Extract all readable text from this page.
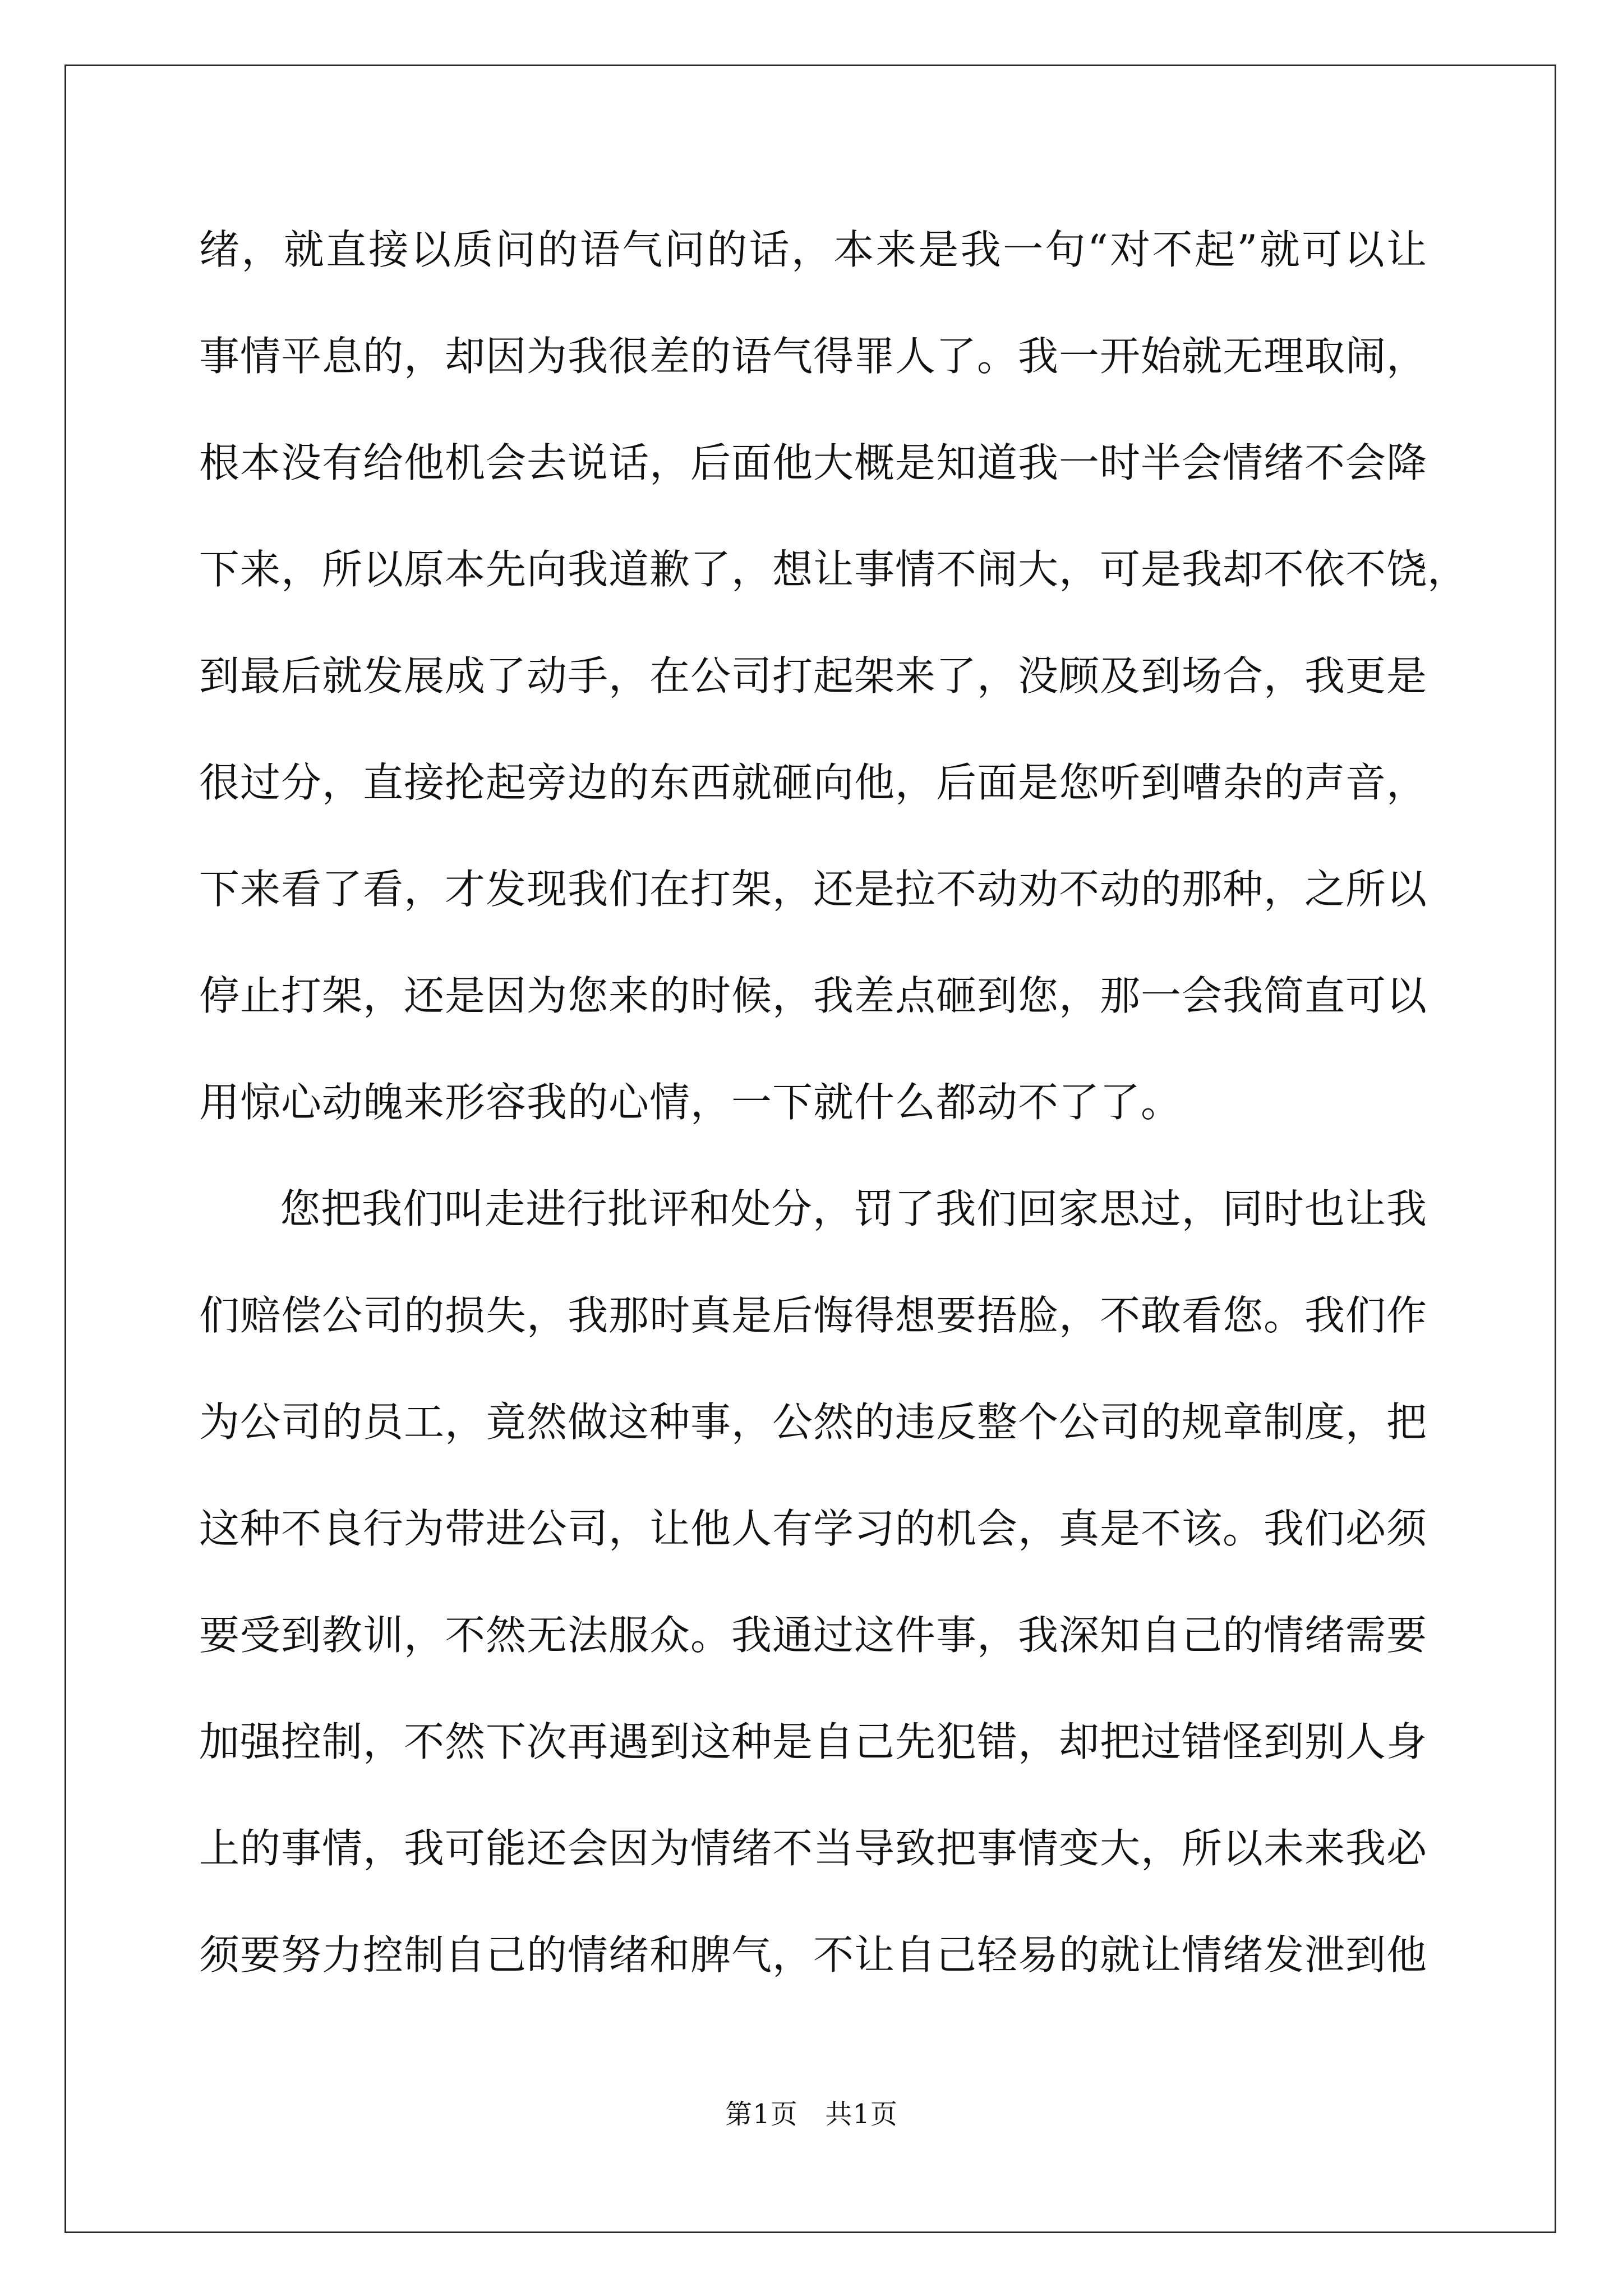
绪，就直接以质问的语气问的话，本来是我一句“对不起”就可以让
事情平息的，却因为我很差的语气得罪人了。我一开始就无理取闹，
根本没有给他机会去说话，后面他大概是知道我一时半会情绪不会降
下来，所以原本先向我道歉了，想让事情不闹大，可是我却不依不饶，
到最后就发展成了动手，在公司打起架来了，没顾及到场合，我更是
很过分，直接抡起旁边的东西就砸向他，后面是您听到嘈杂的声音，
下来看了看，才发现我们在打架，还是拉不动劝不动的那种，之所以
停止打架，还是因为您来的时候，我差点砸到您，那一会我简直可以
用惊心动魄来形容我的心情，一下就什么都动不了了。
您把我们叫走进行批评和处分，罚了我们回家思过，同时也让我
们赔偿公司的损失，我那时真是后悔得想要捂脸，不敢看您。我们作
为公司的员工，竟然做这种事，公然的违反整个公司的规章制度，把
这种不良行为带进公司，让他人有学习的机会，真是不该。我们必须
要受到教训，不然无法服众。我通过这件事，我深知自己的情绪需要
加强控制，不然下次再遇到这种是自己先犯错，却把过错怪到别人身
上的事情，我可能还会因为情绪不当导致把事情变大，所以未来我必
须要努力控制自己的情绪和脾气，不让自己轻易的就让情绪发泄到他
第1页 共1页
